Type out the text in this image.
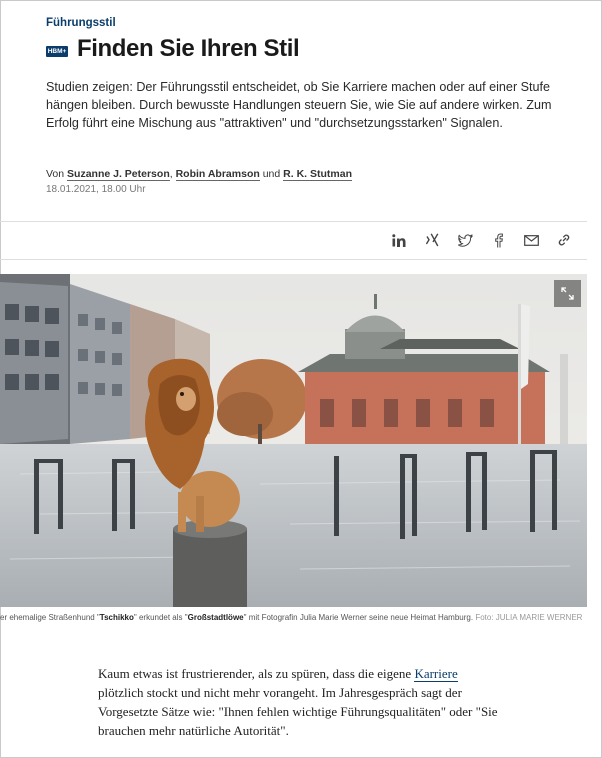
Führungsstil
HBM+ Finden Sie Ihren Stil
Studien zeigen: Der Führungsstil entscheidet, ob Sie Karriere machen oder auf einer Stufe hängen bleiben. Durch bewusste Handlungen steuern Sie, wie Sie auf andere wirken. Zum Erfolg führt eine Mischung aus "attraktiven" und "durchsetzungsstarken" Signalen.
Von Suzanne J. Peterson, Robin Abramson und R. K. Stutman
18.01.2021, 18.00 Uhr
er ehemalige Straßenhund "Tschikko" erkundet als "Großstadtlöwe" mit Fotografin Julia Marie Werner seine neue Heimat Hamburg. Foto: JULIA MARIE WERNER
Kaum etwas ist frustrierender, als zu spüren, dass die eigene Karriere plötzlich stockt und nicht mehr vorangeht. Im Jahresgespräch sagt der Vorgesetzte Sätze wie: "Ihnen fehlen wichtige Führungsqualitäten" oder "Sie brauchen mehr natürliche Autorität".
